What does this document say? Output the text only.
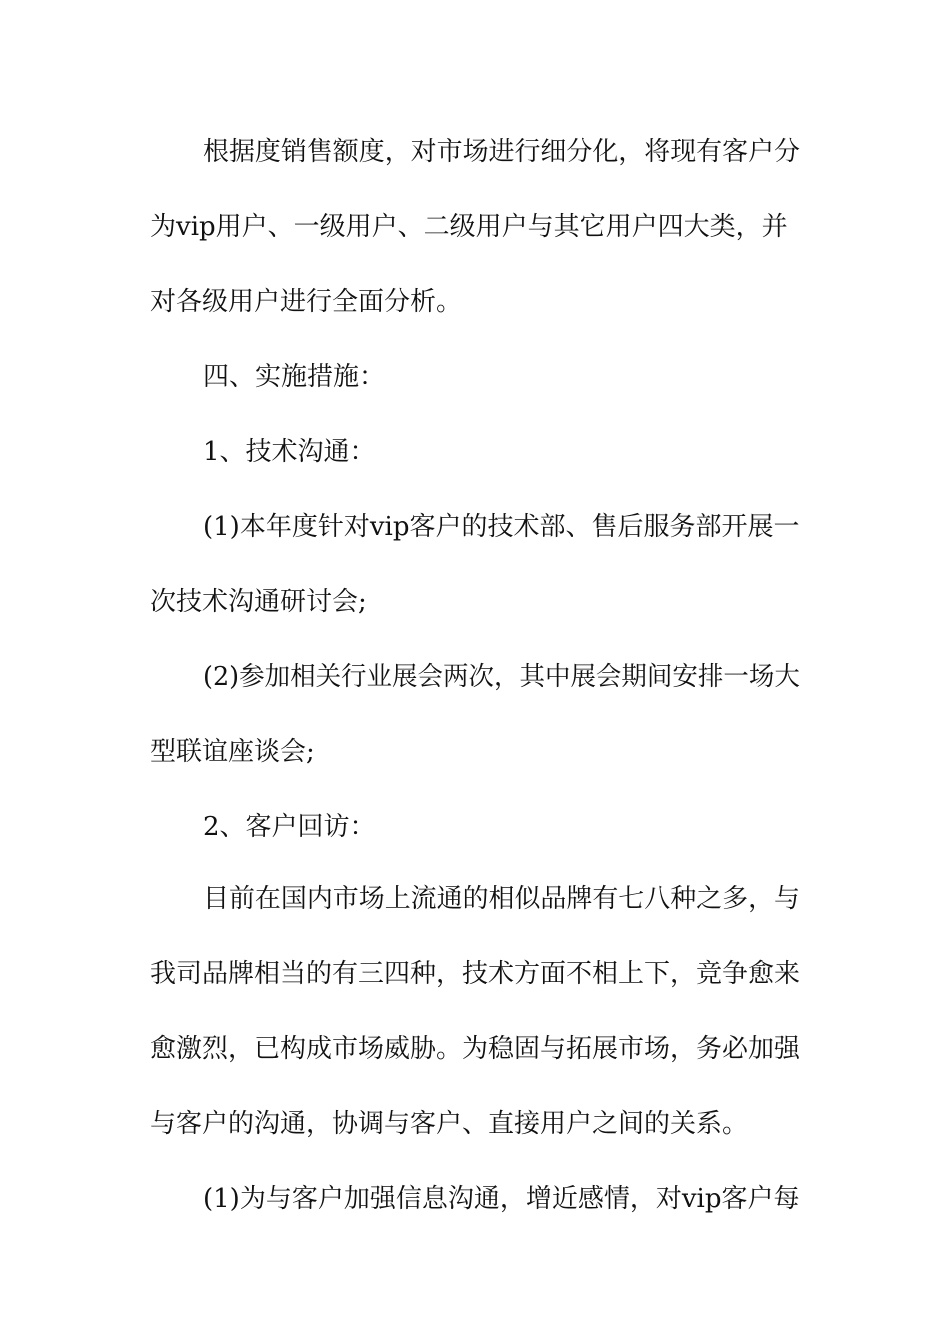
根据度销售额度，对市场进行细分化，将现有客户分
为vip用户、一级用户、二级用户与其它用户四大类，并
对各级用户进行全面分析。
四、实施措施：
1、技术沟通：
(1)本年度针对vip客户的技术部、售后服务部开展一
次技术沟通研讨会;
(2)参加相关行业展会两次，其中展会期间安排一场大
型联谊座谈会;
2、客户回访：
目前在国内市场上流通的相似品牌有七八种之多，与
我司品牌相当的有三四种，技术方面不相上下，竞争愈来
愈激烈，已构成市场威胁。为稳固与拓展市场，务必加强
与客户的沟通，协调与客户、直接用户之间的关系。
(1)为与客户加强信息沟通，增近感情，对vip客户每
